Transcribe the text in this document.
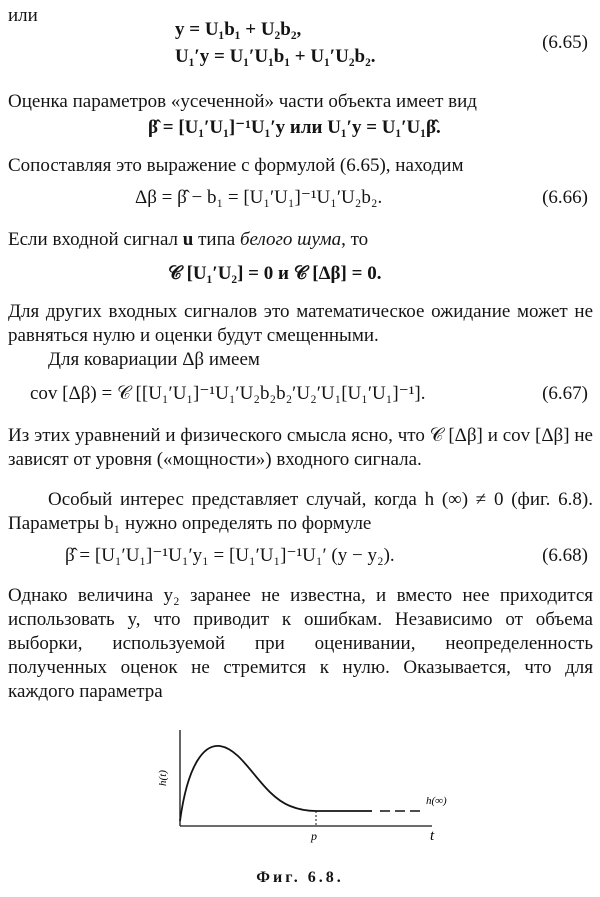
или
y = U₁b₁ + U₂b₂,
U₁′y = U₁′U₁b₁ + U₁′U₂b₂.
(6.65)
Оценка параметров «усеченной» части объекта имеет вид
β̂ = [U₁′U₁]⁻¹U₁′y или U₁′y = U₁′U₁β̂.
Сопоставляя это выражение с формулой (6.65), находим
Δβ = β̂ − b₁ = [U₁′U₁]⁻¹U₁′U₂b₂.	(6.66)
Если входной сигнал u типа белого шума, то
𝒞 [U₁′U₂] = 0 и 𝒞 [Δβ] = 0.
Для других входных сигналов это математическое ожидание может не равняться нулю и оценки будут смещенными.
Для ковариации Δβ имеем
cov [Δβ) = 𝒞 [[U₁′U₁]⁻¹U₁′U₂b₂b₂′U₂′U₁[U₁′U₁]⁻¹].	(6.67)
Из этих уравнений и физического смысла ясно, что 𝒞 [Δβ] и cov [Δβ] не зависят от уровня («мощности») входного сигнала.
Особый интерес представляет случай, когда h (∞) ≠ 0 (фиг. 6.8). Параметры b₁ нужно определять по формуле
β̂ = [U₁′U₁]⁻¹U₁′y₁ = [U₁′U₁]⁻¹U₁′ (y − y₂).	(6.68)
Однако величина y₂ заранее не известна, и вместо нее приходится использовать y, что приводит к ошибкам. Независимо от объема выборки, используемой при оценивании, неопределенность полученных оценок не стремится к нулю. Оказывается, что для каждого параметра
h(t)
t
p
h(∞)
Фиг. 6.8.
